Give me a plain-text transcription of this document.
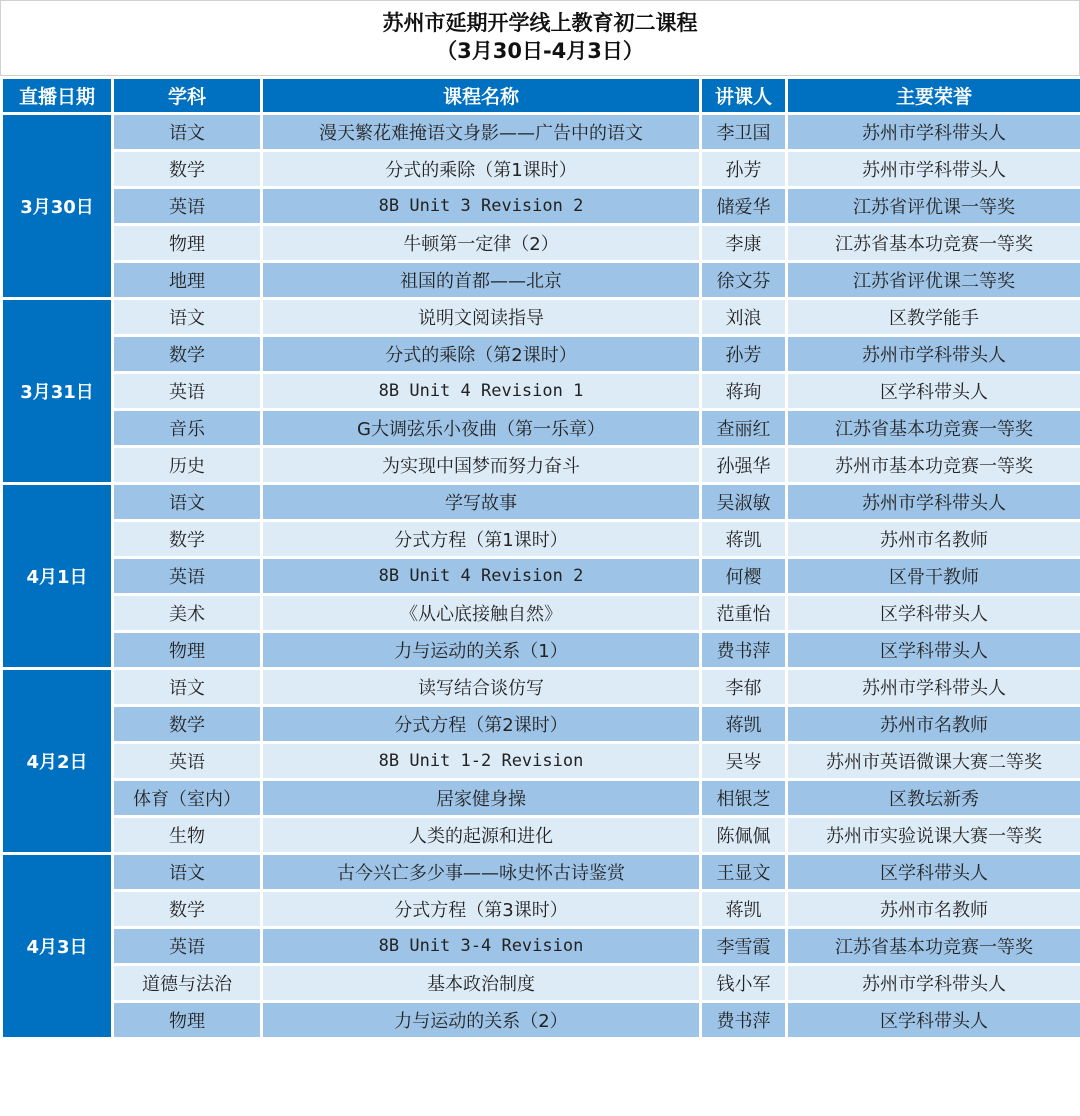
苏州市延期开学线上教育初二课程
（3月30日-4月3日）
直播日期	学科	课程名称	讲课人	主要荣誉
3月30日	语文	漫天繁花难掩语文身影——广告中的语文	李卫国	苏州市学科带头人
	数学	分式的乘除（第1课时）	孙芳	苏州市学科带头人
	英语	8B Unit 3 Revision 2	储爱华	江苏省评优课一等奖
	物理	牛顿第一定律（2）	李康	江苏省基本功竞赛一等奖
	地理	祖国的首都——北京	徐文芬	江苏省评优课二等奖
3月31日	语文	说明文阅读指导	刘浪	区教学能手
	数学	分式的乘除（第2课时）	孙芳	苏州市学科带头人
	英语	8B Unit 4 Revision 1	蒋珣	区学科带头人
	音乐	G大调弦乐小夜曲（第一乐章）	查丽红	江苏省基本功竞赛一等奖
	历史	为实现中国梦而努力奋斗	孙强华	苏州市基本功竞赛一等奖
4月1日	语文	学写故事	吴淑敏	苏州市学科带头人
	数学	分式方程（第1课时）	蒋凯	苏州市名教师
	英语	8B Unit 4 Revision 2	何樱	区骨干教师
	美术	《从心底接触自然》	范重怡	区学科带头人
	物理	力与运动的关系（1）	费书萍	区学科带头人
4月2日	语文	读写结合谈仿写	李郁	苏州市学科带头人
	数学	分式方程（第2课时）	蒋凯	苏州市名教师
	英语	8B Unit 1-2 Revision	吴岑	苏州市英语微课大赛二等奖
	体育（室内）	居家健身操	相银芝	区教坛新秀
	生物	人类的起源和进化	陈佩佩	苏州市实验说课大赛一等奖
4月3日	语文	古今兴亡多少事——咏史怀古诗鉴赏	王显文	区学科带头人
	数学	分式方程（第3课时）	蒋凯	苏州市名教师
	英语	8B Unit 3-4 Revision	李雪霞	江苏省基本功竞赛一等奖
	道德与法治	基本政治制度	钱小军	苏州市学科带头人
	物理	力与运动的关系（2）	费书萍	区学科带头人
